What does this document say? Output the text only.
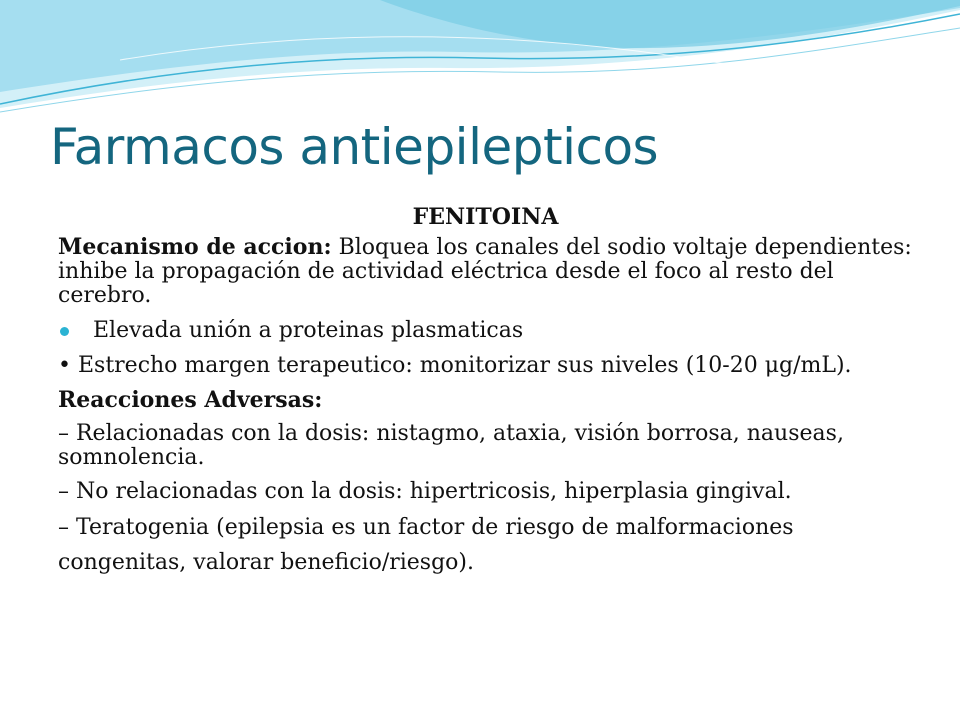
Farmacos antiepilepticos

FENITOINA

Mecanismo de accion: Bloquea los canales del sodio voltaje dependientes: inhibe la propagación de actividad eléctrica desde el foco al resto del cerebro.

Elevada unión a proteinas plasmaticas

• Estrecho margen terapeutico: monitorizar sus niveles (10-20 μg/mL).

Reacciones Adversas:

– Relacionadas con la dosis: nistagmo, ataxia, visión borrosa, nauseas, somnolencia.

– No relacionadas con la dosis: hipertricosis, hiperplasia gingival.

– Teratogenia (epilepsia es un factor de riesgo de malformaciones congenitas, valorar beneficio/riesgo).
